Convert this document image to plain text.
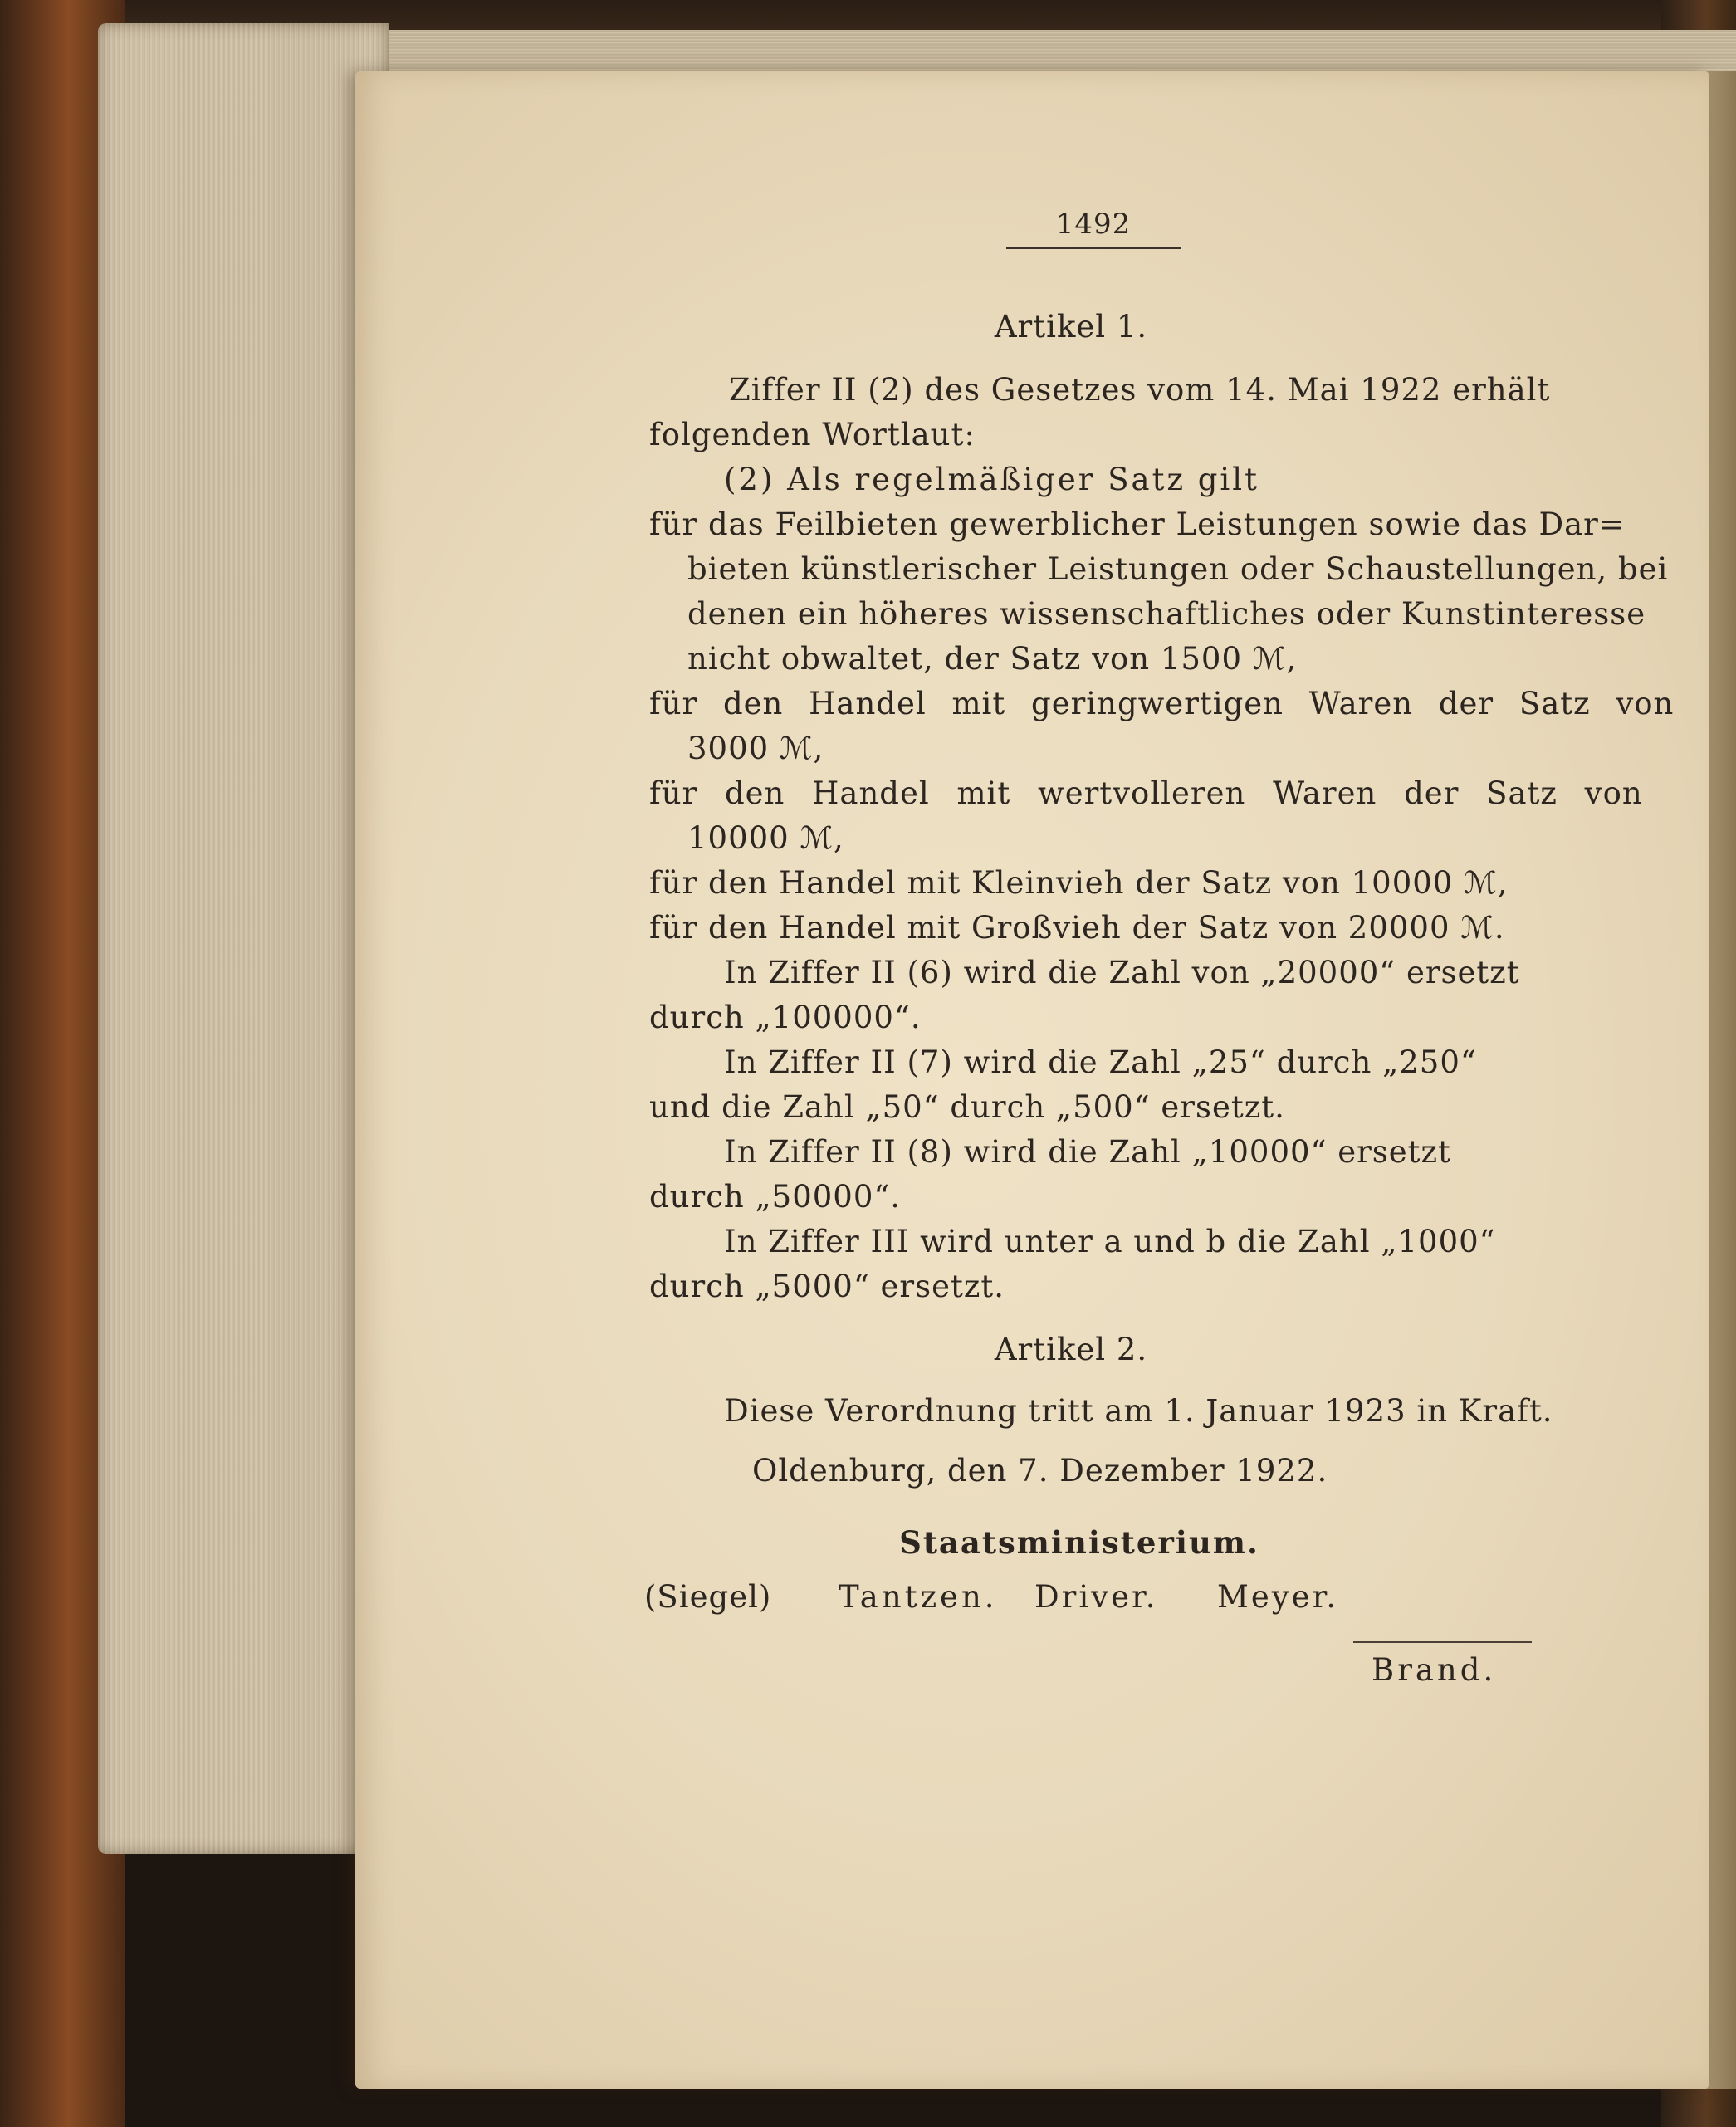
1492
Artikel 1.
Ziffer II (2) des Gesetzes vom 14. Mai 1922 erhält
folgenden Wortlaut:
(2) Als regelmäßiger Satz gilt
für das Feilbieten gewerblicher Leistungen sowie das Dar=
bieten künstlerischer Leistungen oder Schaustellungen, bei
denen ein höheres wissenschaftliches oder Kunstinteresse
nicht obwaltet, der Satz von 1500 ℳ,
für den Handel mit geringwertigen Waren der Satz von
3000 ℳ,
für den Handel mit wertvolleren Waren der Satz von
10000 ℳ,
für den Handel mit Kleinvieh der Satz von 10000 ℳ,
für den Handel mit Großvieh der Satz von 20000 ℳ.
In Ziffer II (6) wird die Zahl von „20000“ ersetzt
durch „100000“.
In Ziffer II (7) wird die Zahl „25“ durch „250“
und die Zahl „50“ durch „500“ ersetzt.
In Ziffer II (8) wird die Zahl „10000“ ersetzt
durch „50000“.
In Ziffer III wird unter a und b die Zahl „1000“
durch „5000“ ersetzt.
Artikel 2.
Diese Verordnung tritt am 1. Januar 1923 in Kraft.
Oldenburg, den 7. Dezember 1922.
Staatsministerium.
(Siegel) Tantzen. Driver. Meyer.
Brand.
